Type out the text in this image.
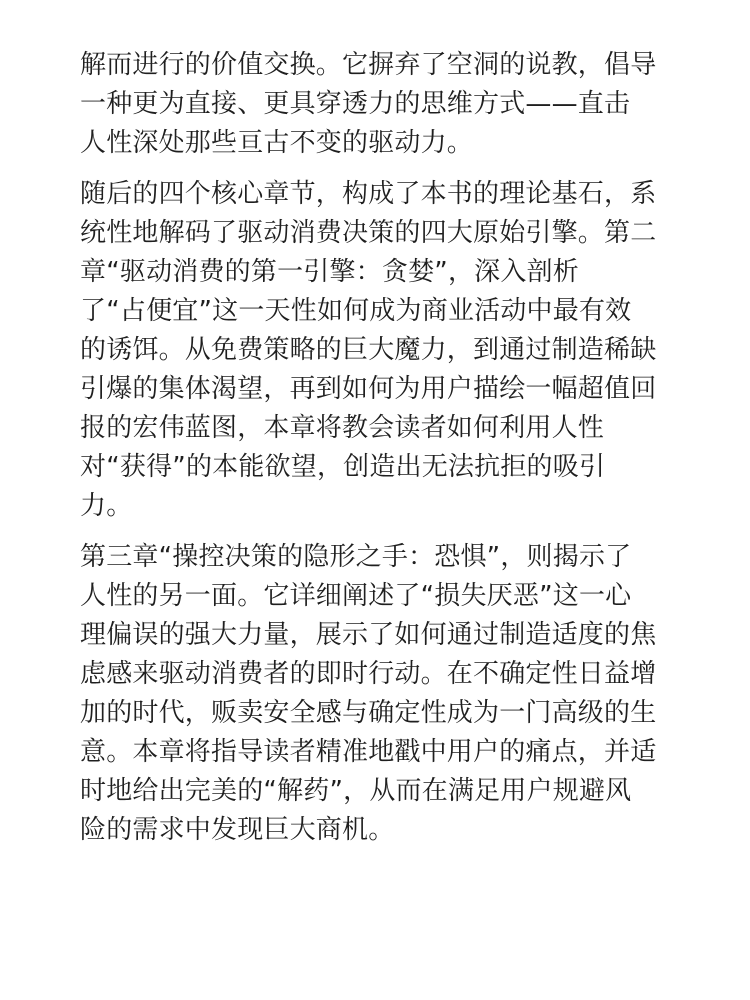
解而进行的价值交换。它摒弃了空洞的说教，倡导
一种更为直接、更具穿透力的思维方式——直击
人性深处那些亘古不变的驱动力。

随后的四个核心章节，构成了本书的理论基石，系
统性地解码了驱动消费决策的四大原始引擎。第二
章“驱动消费的第一引擎：贪婪”，深入剖析
了“占便宜”这一天性如何成为商业活动中最有效
的诱饵。从免费策略的巨大魔力，到通过制造稀缺
引爆的集体渴望，再到如何为用户描绘一幅超值回
报的宏伟蓝图，本章将教会读者如何利用人性
对“获得”的本能欲望，创造出无法抗拒的吸引
力。

第三章“操控决策的隐形之手：恐惧”，则揭示了
人性的另一面。它详细阐述了“损失厌恶”这一心
理偏误的强大力量，展示了如何通过制造适度的焦
虑感来驱动消费者的即时行动。在不确定性日益增
加的时代，贩卖安全感与确定性成为一门高级的生
意。本章将指导读者精准地戳中用户的痛点，并适
时地给出完美的“解药”，从而在满足用户规避风
险的需求中发现巨大商机。
